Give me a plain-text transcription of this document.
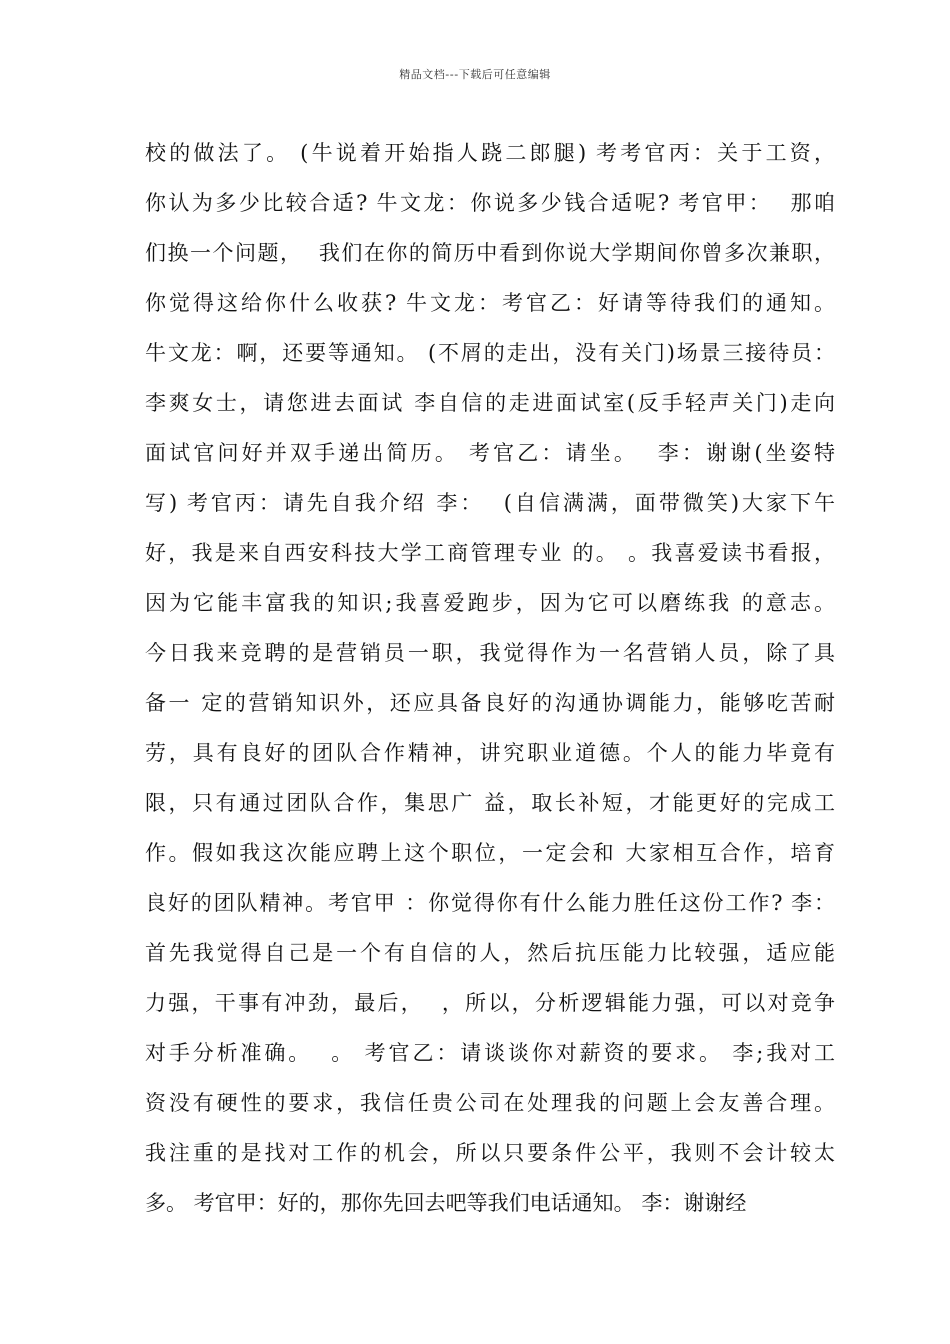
精品文档---下载后可任意编辑
校的做法了。 (牛说着开始指人跷二郎腿) 考考官丙：关于工资，
你认为多少比较合适? 牛文龙：你说多少钱合适呢? 考官甲：  那咱
们换一个问题，  我们在你的简历中看到你说大学期间你曾多次兼职，
你觉得这给你什么收获? 牛文龙：考官乙：好请等待我们的通知。
牛文龙：啊，还要等通知。 (不屑的走出，没有关门)场景三接待员：
李爽女士，请您进去面试 李自信的走进面试室(反手轻声关门)走向
面试官问好并双手递出简历。 考官乙：请坐。  李：谢谢(坐姿特
写) 考官丙：请先自我介绍 李：  (自信满满，面带微笑)大家下午
好，我是来自西安科技大学工商管理专业 的。 。我喜爱读书看报，
因为它能丰富我的知识;我喜爱跑步，因为它可以磨练我 的意志。
今日我来竞聘的是营销员一职，我觉得作为一名营销人员，除了具
备一 定的营销知识外，还应具备良好的沟通协调能力，能够吃苦耐
劳，具有良好的团队合作精神，讲究职业道德。个人的能力毕竟有
限，只有通过团队合作，集思广 益，取长补短，才能更好的完成工
作。假如我这次能应聘上这个职位，一定会和 大家相互合作，培育
良好的团队精神。考官甲 ：你觉得你有什么能力胜任这份工作? 李：
首先我觉得自己是一个有自信的人，然后抗压能力比较强，适应能
力强，干事有冲劲，最后，  ，所以，分析逻辑能力强，可以对竞争
对手分析准确。  。 考官乙：请谈谈你对薪资的要求。 李;我对工
资没有硬性的要求，我信任贵公司在处理我的问题上会友善合理。
我注重的是找对工作的机会，所以只要条件公平，我则不会计较太
多。 考官甲：好的，那你先回去吧等我们电话通知。 李：谢谢经
